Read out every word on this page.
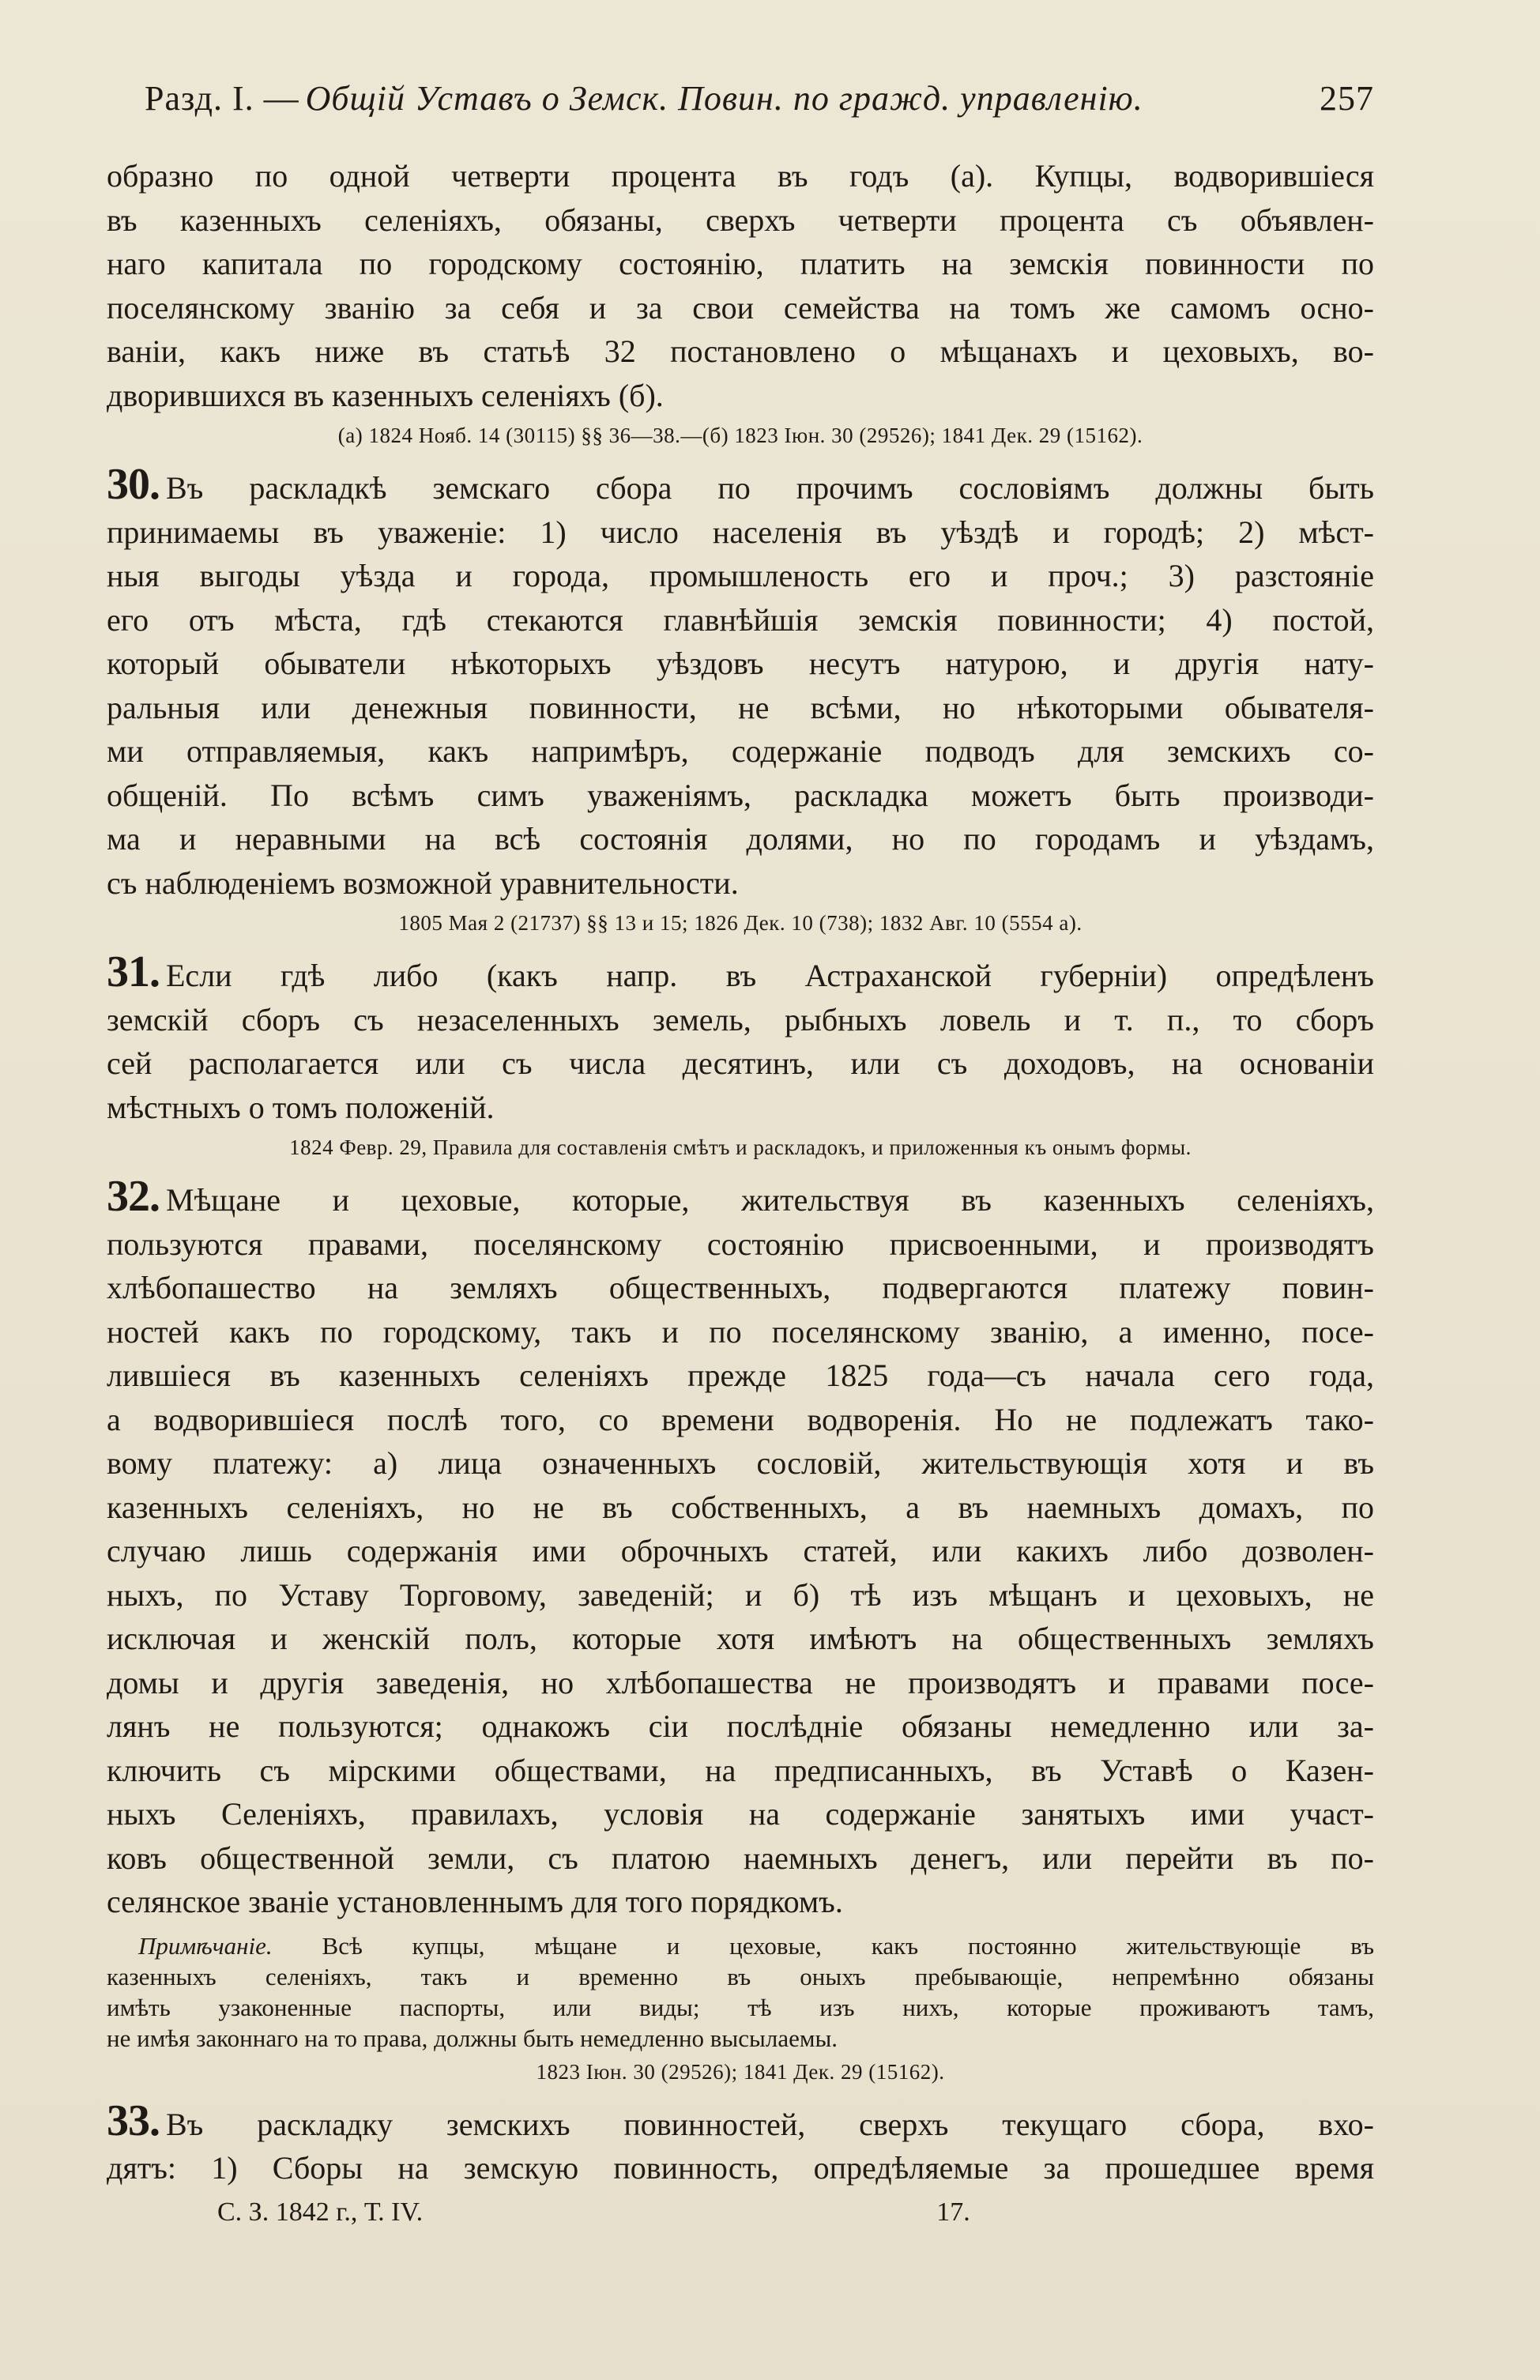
Разд. I. — Общiй Уставъ о Земск. Повин. по гражд. управленiю.	257

образно по одной четверти процента въ годъ (а). Купцы, водворившiеся
въ казенныхъ селенiяхъ, обязаны, сверхъ четверти процента съ объявлен-
наго капитала по городскому состоянiю, платить на земскiя повинности по
поселянскому званiю за себя и за свои семейства на томъ же самомъ осно-
ванiи, какъ ниже въ статьѣ 32 постановлено о мѣщанахъ и цеховыхъ, во-
дворившихся въ казенныхъ селенiяхъ (б).

(а) 1824 Нояб. 14 (30115) §§ 36—38.—(б) 1823 Iюн. 30 (29526); 1841 Дек. 29 (15162).

30. Въ раскладкѣ земскаго сбора по прочимъ сословiямъ должны быть
принимаемы въ уваженiе: 1) число населенiя въ уѣздѣ и городѣ; 2) мѣст-
ныя выгоды уѣзда и города, промышленость его и проч.; 3) разстоянiе
его отъ мѣста, гдѣ стекаются главнѣйшiя земскiя повинности; 4) постой,
который обыватели нѣкоторыхъ уѣздовъ несутъ натурою, и другiя нату-
ральныя или денежныя повинности, не всѣми, но нѣкоторыми обывателя-
ми отправляемыя, какъ напримѣръ, содержанiе подводъ для земскихъ со-
общенiй. По всѣмъ симъ уваженiямъ, раскладка можетъ быть производи-
ма и неравными на всѣ состоянiя долями, но по городамъ и уѣздамъ,
съ наблюденiемъ возможной уравнительности.

1805 Мая 2 (21737) §§ 13 и 15; 1826 Дек. 10 (738); 1832 Авг. 10 (5554 а).

31. Если гдѣ либо (какъ напр. въ Астраханской губернiи) опредѣленъ
земскiй сборъ съ незаселенныхъ земель, рыбныхъ ловель и т. п., то сборъ
сей располагается или съ числа десятинъ, или съ доходовъ, на основанiи
мѣстныхъ о томъ положенiй.

1824 Февр. 29, Правила для составленiя смѣтъ и раскладокъ, и приложенныя къ онымъ формы.

32. Мѣщане и цеховые, которые, жительствуя въ казенныхъ селенiяхъ,
пользуются правами, поселянскому состоянiю присвоенными, и производятъ
хлѣбопашество на земляхъ общественныхъ, подвергаются платежу повин-
ностей какъ по городскому, такъ и по поселянскому званiю, а именно, посе-
лившiеся въ казенныхъ селенiяхъ прежде 1825 года—съ начала сего года,
а водворившiеся послѣ того, со времени водворенiя. Но не подлежатъ тако-
вому платежу: а) лица означенныхъ сословiй, жительствующiя хотя и въ
казенныхъ селенiяхъ, но не въ собственныхъ, а въ наемныхъ домахъ, по
случаю лишь содержанiя ими оброчныхъ статей, или какихъ либо дозволен-
ныхъ, по Уставу Торговому, заведенiй; и б) тѣ изъ мѣщанъ и цеховыхъ, не
исключая и женскiй полъ, которые хотя имѣютъ на общественныхъ земляхъ
домы и другiя заведенiя, но хлѣбопашества не производятъ и правами посе-
лянъ не пользуются; однакожъ сiи послѣднiе обязаны немедленно или за-
ключить съ мiрскими обществами, на предписанныхъ, въ Уставѣ о Казен-
ныхъ Селенiяхъ, правилахъ, условiя на содержанiе занятыхъ ими участ-
ковъ общественной земли, съ платою наемныхъ денегъ, или перейти въ по-
селянское званiе установленнымъ для того порядкомъ.

Примѣчанiе. Всѣ купцы, мѣщане и цеховые, какъ постоянно жительствующiе въ
казенныхъ селенiяхъ, такъ и временно въ оныхъ пребывающiе, непремѣнно обязаны
имѣть узаконенные паспорты, или виды; тѣ изъ нихъ, которые проживаютъ тамъ,
не имѣя законнаго на то права, должны быть немедленно высылаемы.
1823 Iюн. 30 (29526); 1841 Дек. 29 (15162).

33. Въ раскладку земскихъ повинностей, сверхъ текущаго сбора, вхо-
дятъ: 1) Сборы на земскую повинность, опредѣляемые за прошедшее время

С. З. 1842 г., Т. IV.	17.
